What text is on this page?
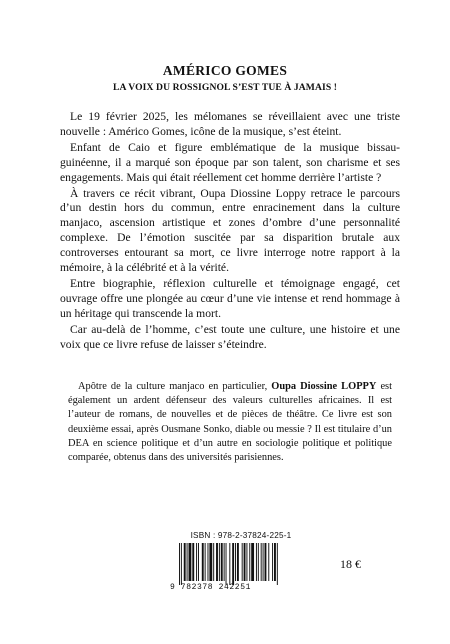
AMÉRICO GOMES
LA VOIX DU ROSSIGNOL S’EST TUE À JAMAIS !

Le 19 février 2025, les mélomanes se réveillaient avec une triste nouvelle : Américo Gomes, icône de la musique, s’est éteint.

Enfant de Caio et figure emblématique de la musique bissau-guinéenne, il a marqué son époque par son talent, son charisme et ses engagements. Mais qui était réellement cet homme derrière l’artiste ?

À travers ce récit vibrant, Oupa Diossine Loppy retrace le parcours d’un destin hors du commun, entre enracinement dans la culture manjaco, ascension artistique et zones d’ombre d’une personnalité complexe. De l’émotion suscitée par sa disparition brutale aux controverses entourant sa mort, ce livre interroge notre rapport à la mémoire, à la célébrité et à la vérité.

Entre biographie, réflexion culturelle et témoignage engagé, cet ouvrage offre une plongée au cœur d’une vie intense et rend hommage à un héritage qui transcende la mort.

Car au-delà de l’homme, c’est toute une culture, une histoire et une voix que ce livre refuse de laisser s’éteindre.

Apôtre de la culture manjaco en particulier, Oupa Diossine LOPPY est également un ardent défenseur des valeurs culturelles africaines. Il est l’auteur de romans, de nouvelles et de pièces de théâtre. Ce livre est son deuxième essai, après Ousmane Sonko, diable ou messie ? Il est titulaire d’un DEA en science politique et d’un autre en sociologie politique et politique comparée, obtenus dans des universités parisiennes.

ISBN : 978-2-37824-225-1
9 782378 242251
18 €
